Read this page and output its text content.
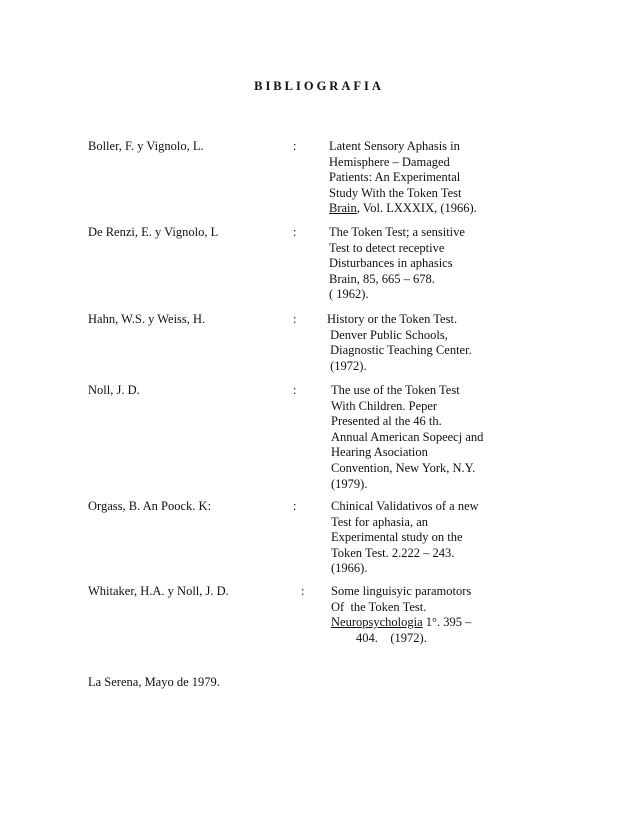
BIBLIOGRAFIA
Boller, F. y Vignolo, L.	:	Latent Sensory Aphasis in
Hemisphere – Damaged
Patients: An Experimental
Study With the Token Test
Brain, Vol. LXXXIX, (1966).
De Renzi, E. y Vignolo, L	:	The Token Test; a sensitive
Test to detect receptive
Disturbances in aphasics
Brain, 85, 665 – 678.
( 1962).
Hahn, W.S. y Weiss, H.	: History or the Token Test.
Denver Public Schools,
Diagnostic Teaching Center.
(1972).
Noll, J. D.	:	The use of the Token Test
With Children. Peper
Presented al the 46 th.
Annual American Sopeecj and
Hearing Asociation
Convention, New York, N.Y.
(1979).
Orgass, B. An Poock. K:	:	Chinical Validativos of a new
Test for aphasia, an
Experimental study on the
Token Test. 2.222 – 243.
(1966).
Whitaker, H.A. y Noll, J. D.	: Some linguisyic paramotors
Of  the Token Test.
Neuropsychologia 1°. 395 –
404.    (1972).
La Serena, Mayo de 1979.
